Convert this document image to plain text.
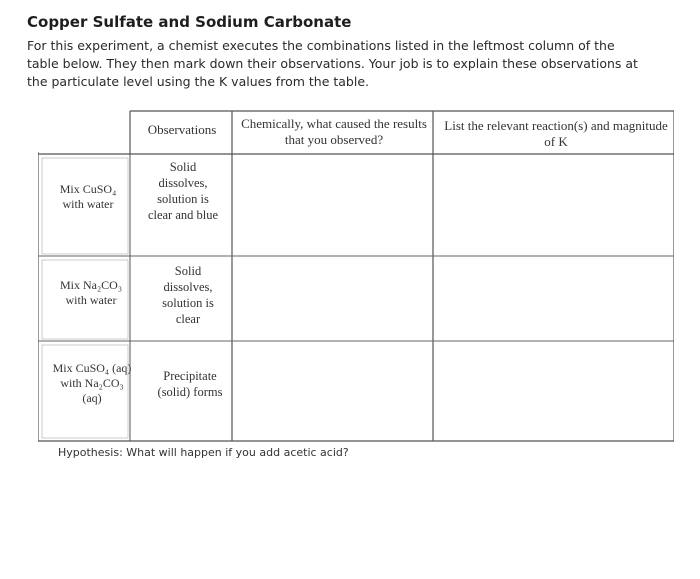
Copper Sulfate and Sodium Carbonate
For this experiment, a chemist executes the combinations listed in the leftmost column of the table below. They then mark down their observations. Your job is to explain these observations at the particulate level using the K values from the table.
Observations	Chemically, what caused the results that you observed?
List the relevant reaction(s) and magnitude of K
Mix CuSO₄ with water
Solid dissolves, solution is clear and blue
Mix Na₂CO₃ with water
Solid dissolves, solution is clear
Mix CuSO₄ (aq) with Na₂CO₃ (aq)
Precipitate (solid) forms
Hypothesis: What will happen if you add acetic acid?
